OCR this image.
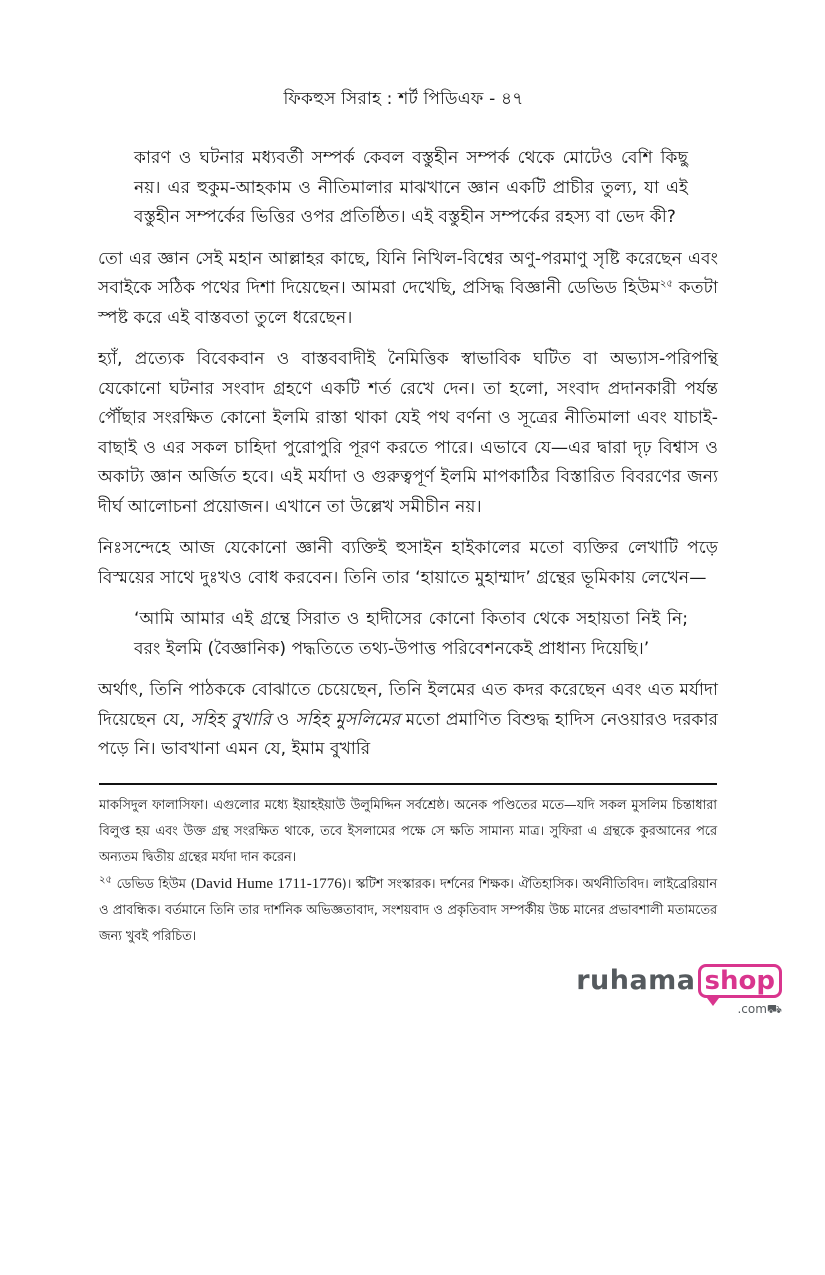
ফিকহুস সিরাহ : শর্ট পিডিএফ - ৪৭

কারণ ও ঘটনার মধ্যবর্তী সম্পর্ক কেবল বস্তুহীন সম্পর্ক থেকে মোটেও বেশি কিছু নয়। এর হুকুম-আহকাম ও নীতিমালার মাঝখানে জ্ঞান একটি প্রাচীর তুল্য, যা এই বস্তুহীন সম্পর্কের ভিত্তির ওপর প্রতিষ্ঠিত। এই বস্তুহীন সম্পর্কের রহস্য বা ভেদ কী?

তো এর জ্ঞান সেই মহান আল্লাহর কাছে, যিনি নিখিল-বিশ্বের অণু-পরমাণু সৃষ্টি করেছেন এবং সবাইকে সঠিক পথের দিশা দিয়েছেন। আমরা দেখেছি, প্রসিদ্ধ বিজ্ঞানী ডেভিড হিউম$^{২৫}$ কতটা স্পষ্ট করে এই বাস্তবতা তুলে ধরেছেন।

হ্যাঁ, প্রত্যেক বিবেকবান ও বাস্তববাদীই নৈমিত্তিক স্বাভাবিক ঘটিত বা অভ্যাস-পরিপন্থি যেকোনো ঘটনার সংবাদ গ্রহণে একটি শর্ত রেখে দেন। তা হলো, সংবাদ প্রদানকারী পর্যন্ত পৌঁছার সংরক্ষিত কোনো ইলমি রাস্তা থাকা যেই পথ বর্ণনা ও সূত্রের নীতিমালা এবং যাচাই-বাছাই ও এর সকল চাহিদা পুরোপুরি পূরণ করতে পারে। এভাবে যে—এর দ্বারা দৃঢ় বিশ্বাস ও অকাট্য জ্ঞান অর্জিত হবে। এই মর্যাদা ও গুরুত্বপূর্ণ ইলমি মাপকাঠির বিস্তারিত বিবরণের জন্য দীর্ঘ আলোচনা প্রয়োজন। এখানে তা উল্লেখ সমীচীন নয়।

নিঃসন্দেহে আজ যেকোনো জ্ঞানী ব্যক্তিই হুসাইন হাইকালের মতো ব্যক্তির লেখাটি পড়ে বিস্ময়ের সাথে দুঃখও বোধ করবেন। তিনি তার ‘হায়াতে মুহাম্মাদ’ গ্রন্থের ভূমিকায় লেখেন—

‘আমি আমার এই গ্রন্থে সিরাত ও হাদীসের কোনো কিতাব থেকে সহায়তা নিই নি; বরং ইলমি (বৈজ্ঞানিক) পদ্ধতিতে তথ্য-উপাত্ত পরিবেশনকেই প্রাধান্য দিয়েছি।’

অর্থাৎ, তিনি পাঠককে বোঝাতে চেয়েছেন, তিনি ইলমের এত কদর করেছেন এবং এত মর্যাদা দিয়েছেন যে, সহিহ বুখারি ও সহিহ মুসলিমের মতো প্রমাণিত বিশুদ্ধ হাদিস নেওয়ারও দরকার পড়ে নি। ভাবখানা এমন যে, ইমাম বুখারি

মাকসিদুল ফালাসিফা। এগুলোর মধ্যে ইয়াহইয়াউ উলুমিদ্দিন সর্বশ্রেষ্ঠ। অনেক পণ্ডিতের মতে—যদি সকল মুসলিম চিন্তাধারা বিলুপ্ত হয় এবং উক্ত গ্রন্থ সংরক্ষিত থাকে, তবে ইসলামের পক্ষে সে ক্ষতি সামান্য মাত্র। সুফিরা এ গ্রন্থকে কুরআনের পরে অন্যতম দ্বিতীয় গ্রন্থের মর্যদা দান করেন।

$^{২৫}$ ডেভিড হিউম (David Hume 1711-1776)। স্কটিশ সংস্কারক। দর্শনের শিক্ষক। ঐতিহাসিক। অর্থনীতিবিদ। লাইব্রেরিয়ান ও প্রাবন্ধিক। বর্তমানে তিনি তার দার্শনিক অভিজ্ঞতাবাদ, সংশয়বাদ ও প্রকৃতিবাদ সম্পর্কীয় উচ্চ মানের প্রভাবশালী মতামতের জন্য খুবই পরিচিত।

ruhama shop
.com⛟
